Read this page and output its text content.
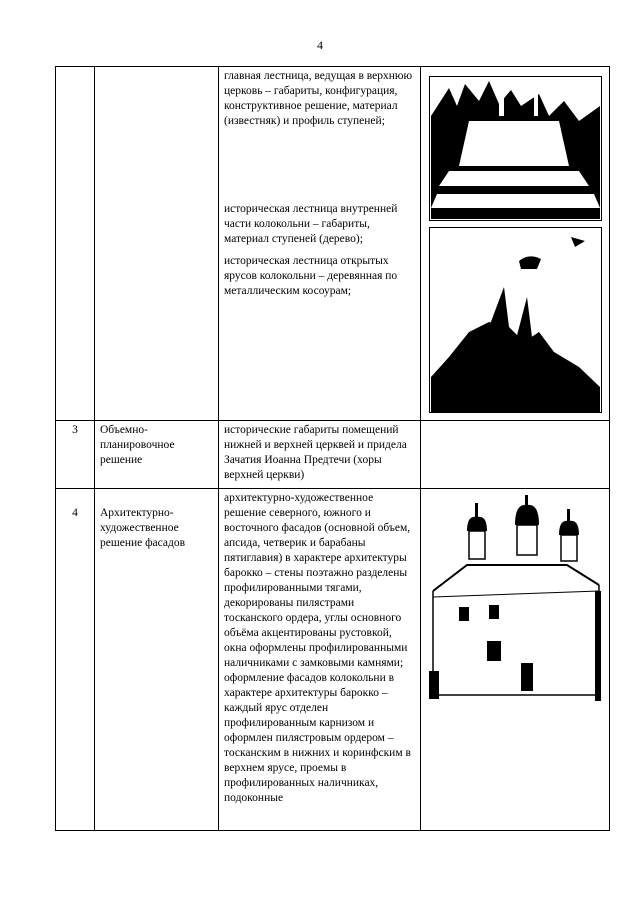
4

		главная лестница, ведущая в верхнюю церковь – габариты, конфигурация, конструктивное решение, материал (известняк) и профиль ступеней;

историческая лестница внутренней части колокольни – габариты, материал ступеней (дерево);

историческая лестница открытых ярусов колокольни – деревянная по металлическим косоурам;

3	Объемно-планировочное решение	исторические габариты помещений нижней и верхней церквей и придела Зачатия Иоанна Предтечи (хоры верхней церкви)	

4	Архитектурно-художественное решение фасадов	архитектурно-художественное решение северного, южного и восточного фасадов (основной объем, апсида, четверик и барабаны пятиглавия) в характере архитектуры барокко – стены поэтажно разделены профилированными тягами, декорированы пилястрами тосканского ордера, углы основного объёма акцентированы рустовкой, окна оформлены профилированными наличниками с замковыми камнями;

оформление фасадов колокольни в характере архитектуры барокко – каждый ярус отделен профилированным карнизом и оформлен пилястровым ордером – тосканским в нижних и коринфским в верхнем ярусе, проемы в профилированных наличниках, подоконные
